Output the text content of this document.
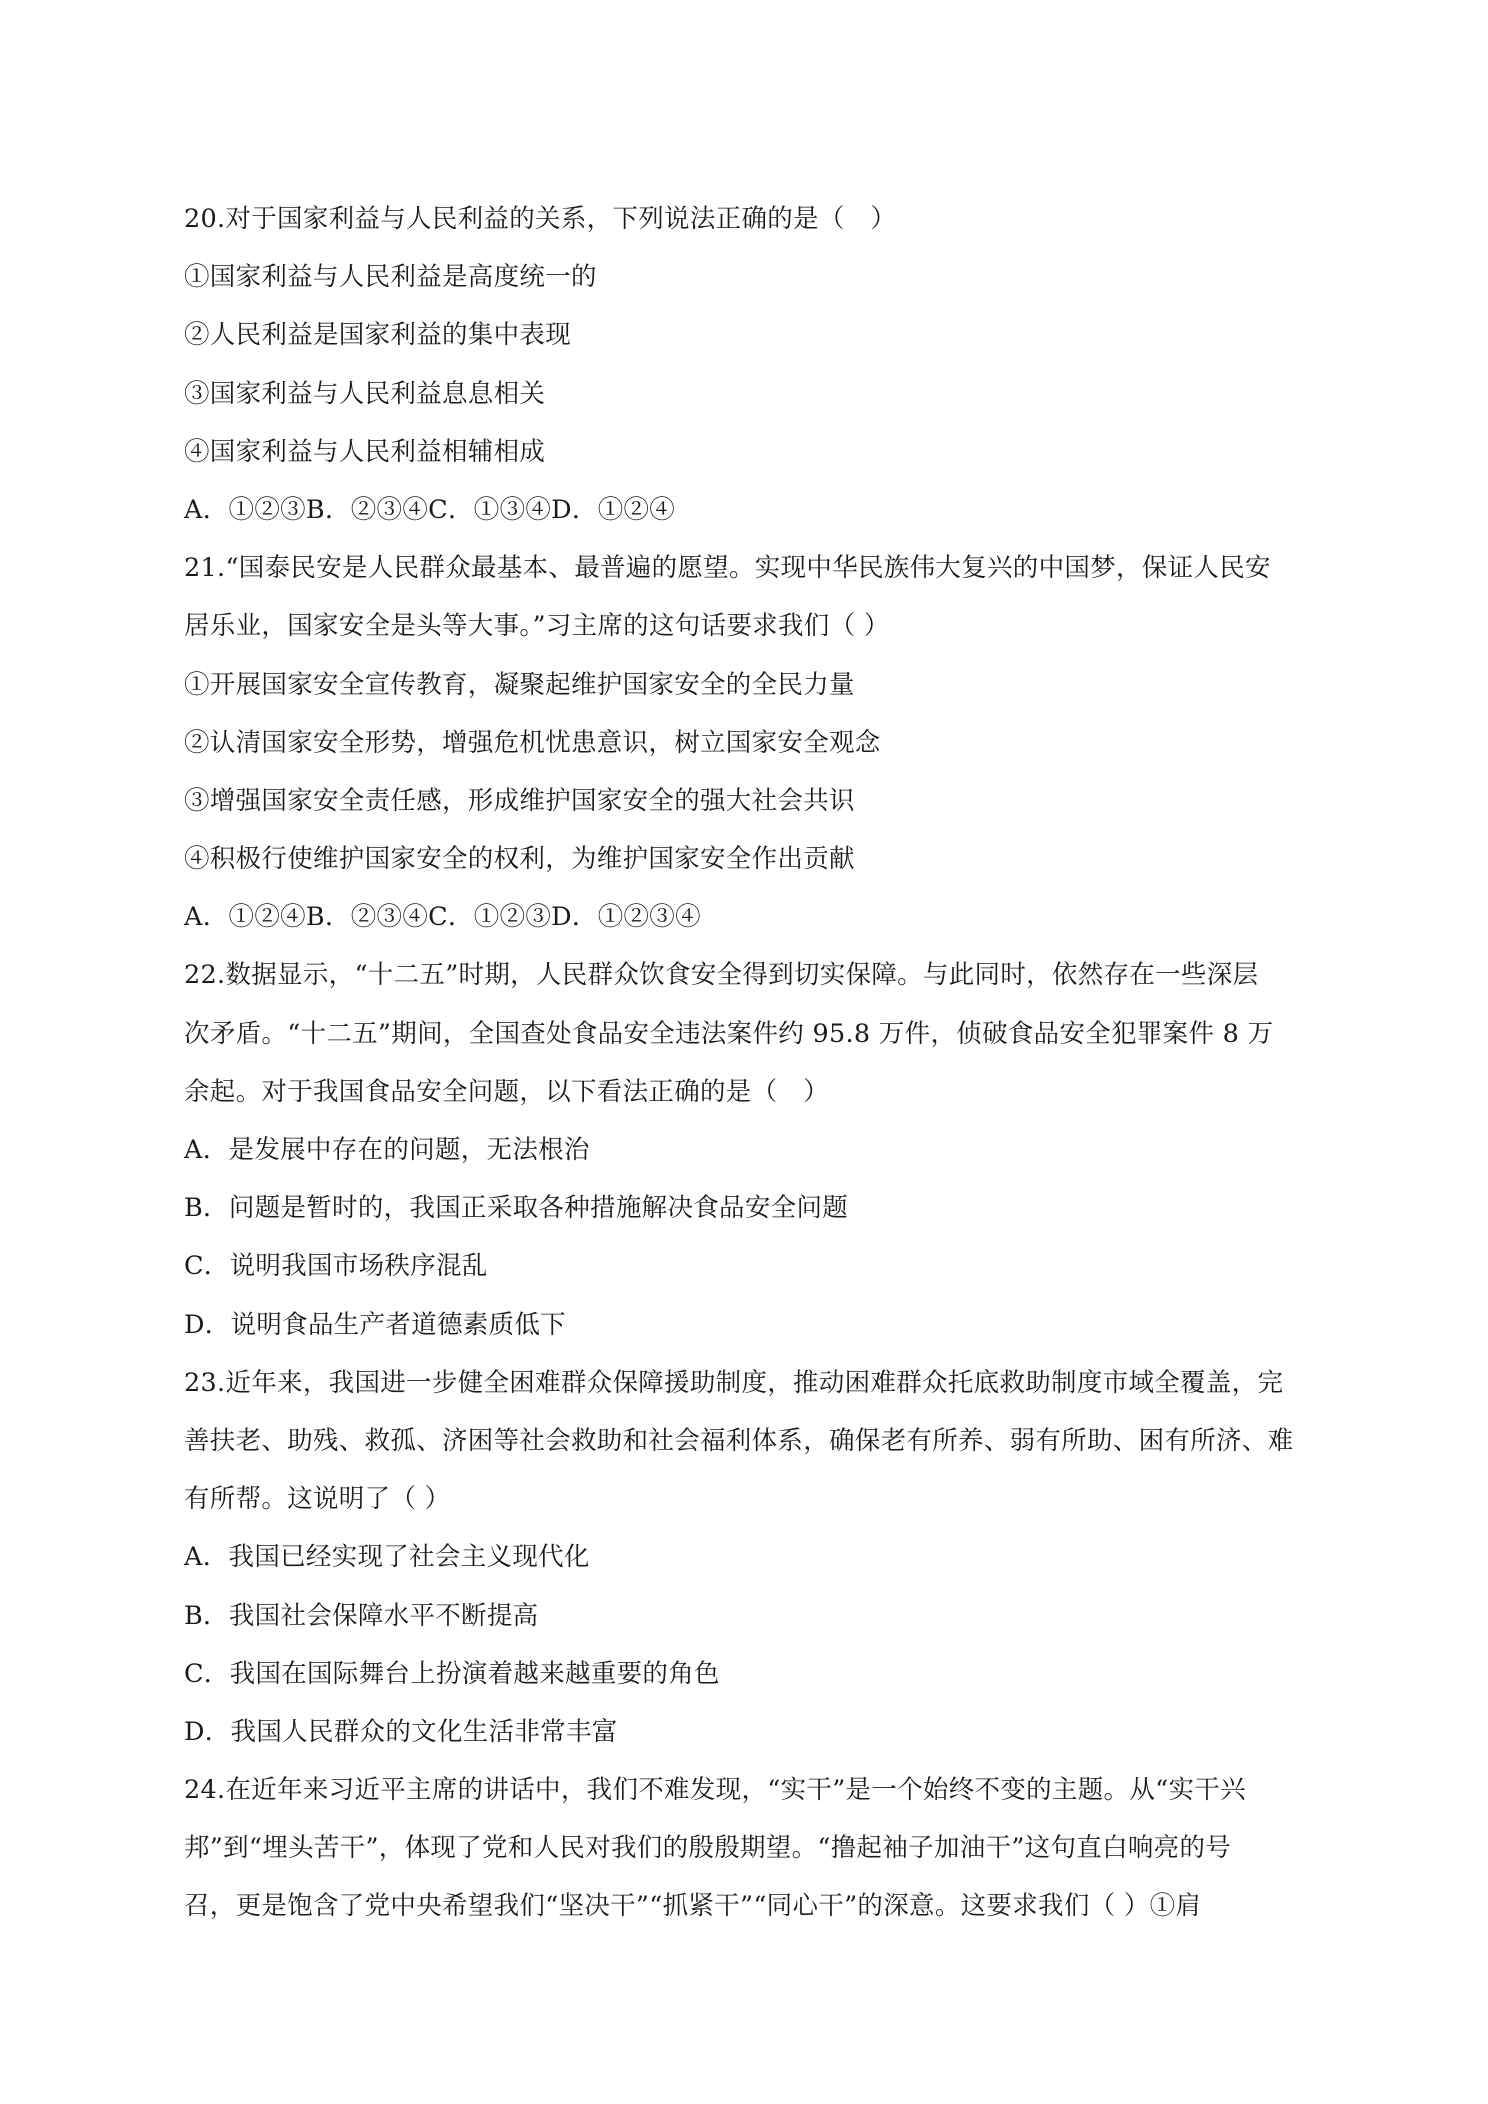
20.对于国家利益与人民利益的关系，下列说法正确的是（　）
①国家利益与人民利益是高度统一的
②人民利益是国家利益的集中表现
③国家利益与人民利益息息相关
④国家利益与人民利益相辅相成
A．①②③B．②③④C．①③④D．①②④
21.“国泰民安是人民群众最基本、最普遍的愿望。实现中华民族伟大复兴的中国梦，保证人民安
居乐业，国家安全是头等大事。”习主席的这句话要求我们（ ）
①开展国家安全宣传教育，凝聚起维护国家安全的全民力量
②认清国家安全形势，增强危机忧患意识，树立国家安全观念
③增强国家安全责任感，形成维护国家安全的强大社会共识
④积极行使维护国家安全的权利，为维护国家安全作出贡献
A．①②④B．②③④C．①②③D．①②③④
22.数据显示，“十二五”时期，人民群众饮食安全得到切实保障。与此同时，依然存在一些深层
次矛盾。“十二五”期间，全国查处食品安全违法案件约 95.8 万件，侦破食品安全犯罪案件 8 万
余起。对于我国食品安全问题，以下看法正确的是（　）
A．是发展中存在的问题，无法根治
B．问题是暂时的，我国正采取各种措施解决食品安全问题
C．说明我国市场秩序混乱
D．说明食品生产者道德素质低下
23.近年来，我国进一步健全困难群众保障援助制度，推动困难群众托底救助制度市域全覆盖，完
善扶老、助残、救孤、济困等社会救助和社会福利体系，确保老有所养、弱有所助、困有所济、难
有所帮。这说明了（ ）
A．我国已经实现了社会主义现代化
B．我国社会保障水平不断提高
C．我国在国际舞台上扮演着越来越重要的角色
D．我国人民群众的文化生活非常丰富
24.在近年来习近平主席的讲话中，我们不难发现，“实干”是一个始终不变的主题。从“实干兴
邦”到“埋头苦干”，体现了党和人民对我们的殷殷期望。“撸起袖子加油干”这句直白响亮的号
召，更是饱含了党中央希望我们“坚决干”“抓紧干”“同心干”的深意。这要求我们（ ）①肩
